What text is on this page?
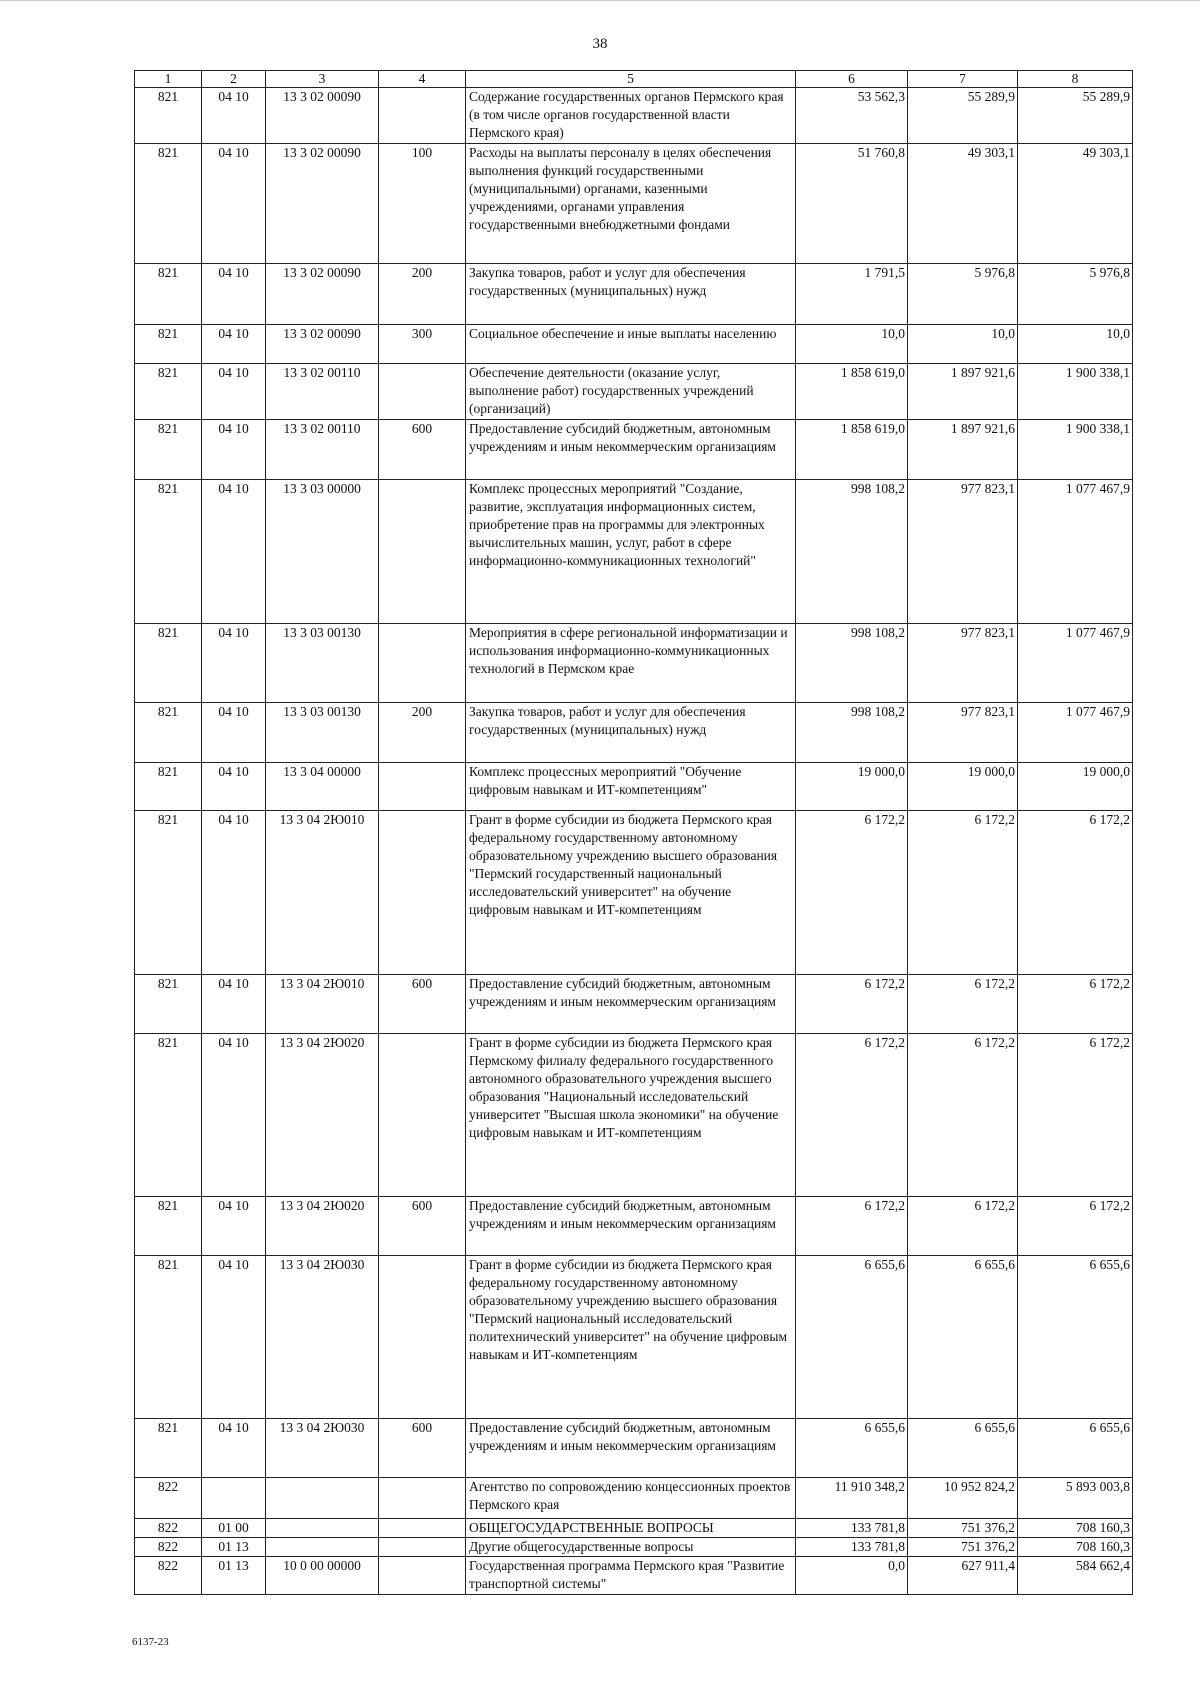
38
1	2	3	4	5	6	7	8
821	04 10	13 3 02 00090		Содержание государственных органов Пермского края (в том числе органов государственной власти Пермского края)	53 562,3	55 289,9	55 289,9
821	04 10	13 3 02 00090	100	Расходы на выплаты персоналу в целях обеспечения выполнения функций государственными (муниципальными) органами, казенными учреждениями, органами управления государственными внебюджетными фондами	51 760,8	49 303,1	49 303,1
821	04 10	13 3 02 00090	200	Закупка товаров, работ и услуг для обеспечения государственных (муниципальных) нужд	1 791,5	5 976,8	5 976,8
821	04 10	13 3 02 00090	300	Социальное обеспечение и иные выплаты населению	10,0	10,0	10,0
821	04 10	13 3 02 00110		Обеспечение деятельности (оказание услуг, выполнение работ) государственных учреждений (организаций)	1 858 619,0	1 897 921,6	1 900 338,1
821	04 10	13 3 02 00110	600	Предоставление субсидий бюджетным, автономным учреждениям и иным некоммерческим организациям	1 858 619,0	1 897 921,6	1 900 338,1
821	04 10	13 3 03 00000		Комплекс процессных мероприятий "Создание, развитие, эксплуатация информационных систем, приобретение прав на программы для электронных вычислительных машин, услуг, работ в сфере информационно-коммуникационных технологий"	998 108,2	977 823,1	1 077 467,9
821	04 10	13 3 03 00130		Мероприятия в сфере региональной информатизации и использования информационно-коммуникационных технологий в Пермском крае	998 108,2	977 823,1	1 077 467,9
821	04 10	13 3 03 00130	200	Закупка товаров, работ и услуг для обеспечения государственных (муниципальных) нужд	998 108,2	977 823,1	1 077 467,9
821	04 10	13 3 04 00000		Комплекс процессных мероприятий "Обучение цифровым навыкам и ИТ-компетенциям"	19 000,0	19 000,0	19 000,0
821	04 10	13 3 04 2Ю010		Грант в форме субсидии из бюджета Пермского края федеральному государственному автономному образовательному учреждению высшего образования "Пермский государственный национальный исследовательский университет" на обучение цифровым навыкам и ИТ-компетенциям	6 172,2	6 172,2	6 172,2
821	04 10	13 3 04 2Ю010	600	Предоставление субсидий бюджетным, автономным учреждениям и иным некоммерческим организациям	6 172,2	6 172,2	6 172,2
821	04 10	13 3 04 2Ю020		Грант в форме субсидии из бюджета Пермского края Пермскому филиалу федерального государственного автономного образовательного учреждения высшего образования "Национальный исследовательский университет "Высшая школа экономики" на обучение цифровым навыкам и ИТ-компетенциям	6 172,2	6 172,2	6 172,2
821	04 10	13 3 04 2Ю020	600	Предоставление субсидий бюджетным, автономным учреждениям и иным некоммерческим организациям	6 172,2	6 172,2	6 172,2
821	04 10	13 3 04 2Ю030		Грант в форме субсидии из бюджета Пермского края федеральному государственному автономному образовательному учреждению высшего образования "Пермский национальный исследовательский политехнический университет" на обучение цифровым навыкам и ИТ-компетенциям	6 655,6	6 655,6	6 655,6
821	04 10	13 3 04 2Ю030	600	Предоставление субсидий бюджетным, автономным учреждениям и иным некоммерческим организациям	6 655,6	6 655,6	6 655,6
822				Агентство по сопровождению концессионных проектов Пермского края	11 910 348,2	10 952 824,2	5 893 003,8
822	01 00			ОБЩЕГОСУДАРСТВЕННЫЕ ВОПРОСЫ	133 781,8	751 376,2	708 160,3
822	01 13			Другие общегосударственные вопросы	133 781,8	751 376,2	708 160,3
822	01 13	10 0 00 00000		Государственная программа Пермского края "Развитие транспортной системы"	0,0	627 911,4	584 662,4
6137-23
